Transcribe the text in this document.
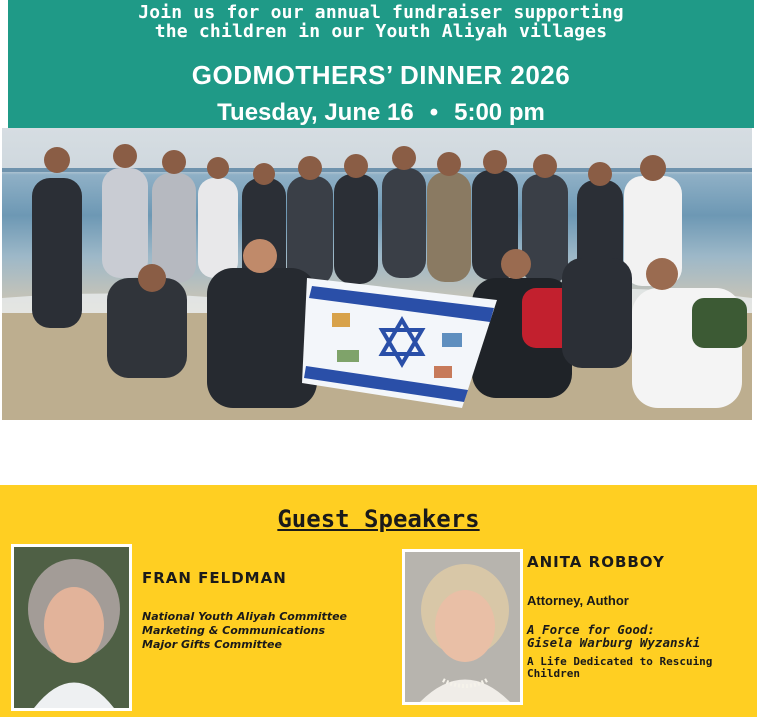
Join us for our annual fundraiser supporting
the children in our Youth Aliyah villages
GODMOTHERS’ DINNER 2026
Tuesday, June 16 • 5:00 pm
Guest Speakers
FRAN FELDMAN
National Youth Aliyah Committee
Marketing & Communications
Major Gifts Committee
ANITA ROBBOY
Attorney, Author
A Force for Good:
Gisela Warburg Wyzanski
A Life Dedicated to Rescuing
Children
